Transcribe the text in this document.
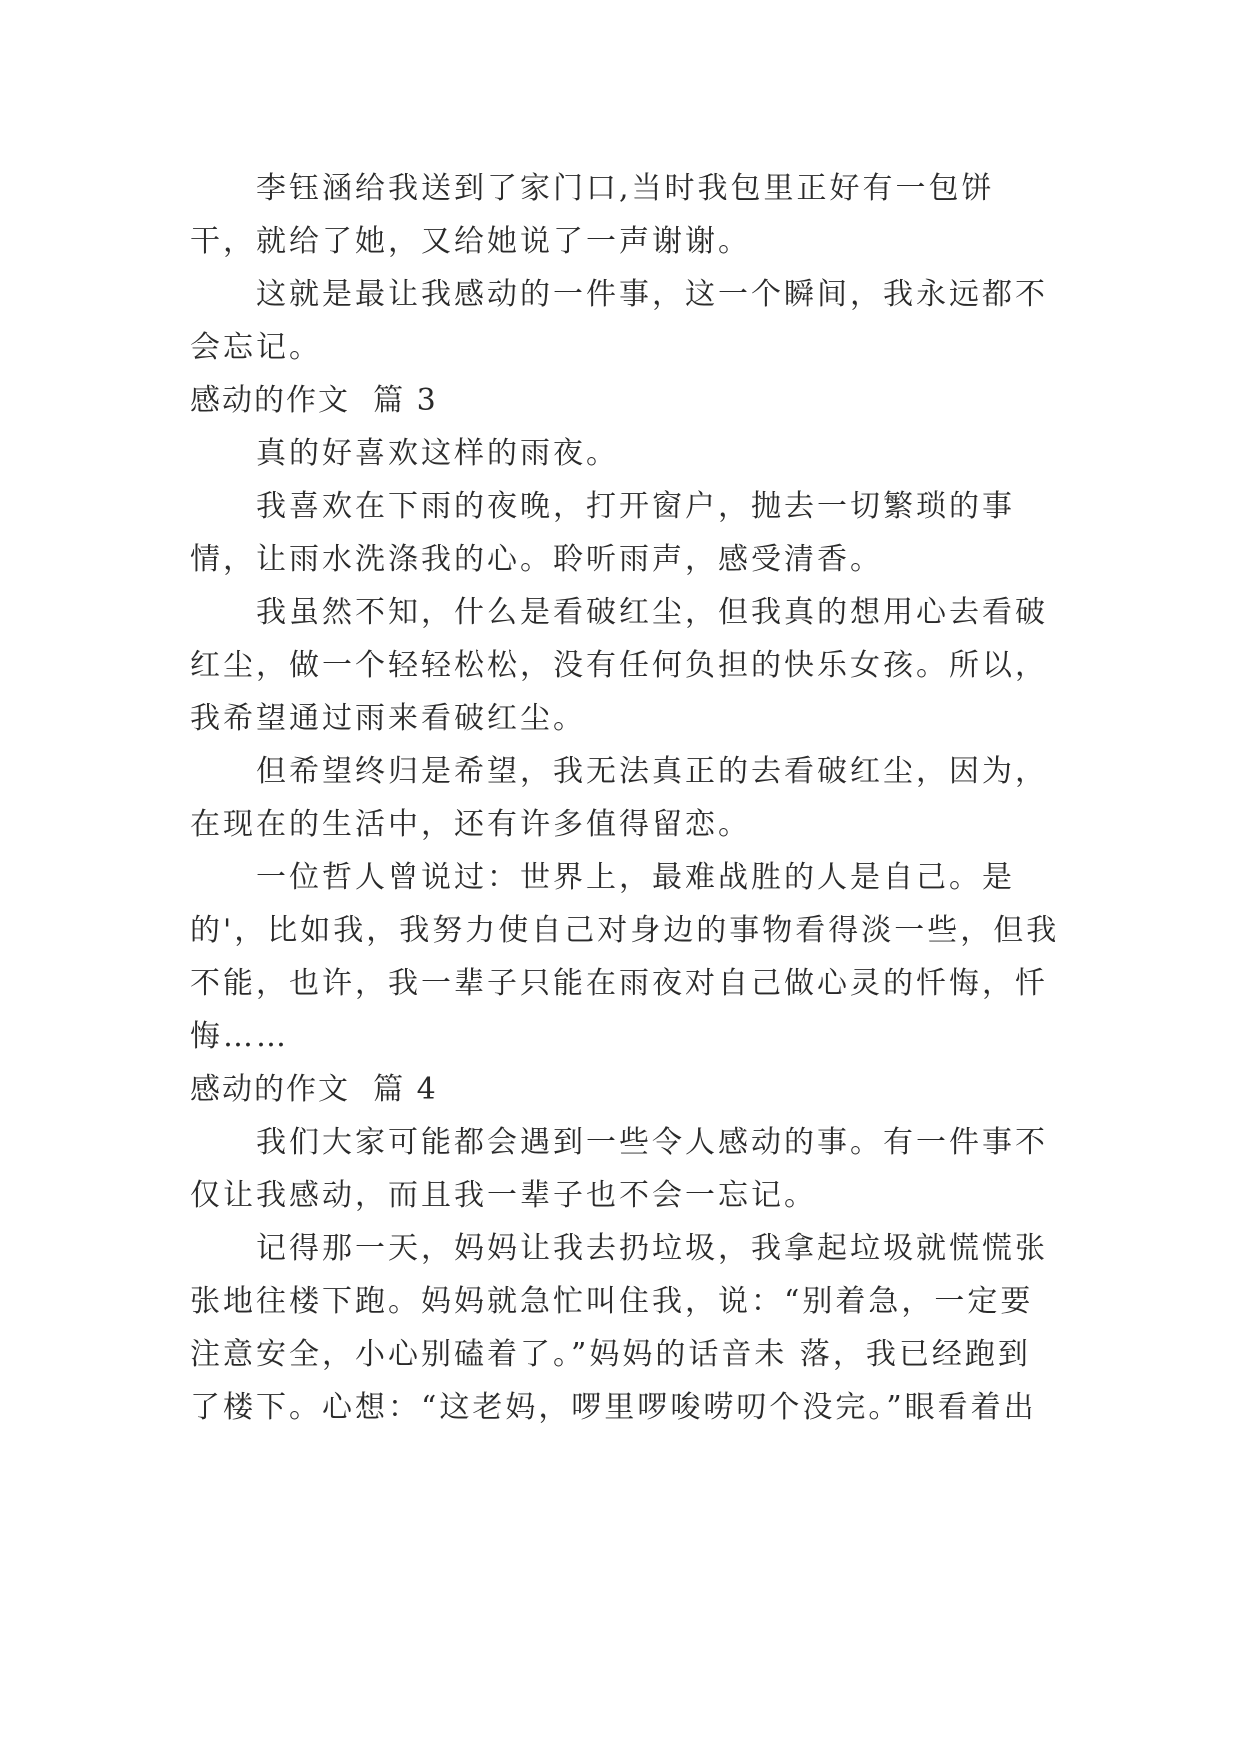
李钰涵给我送到了家门口,当时我包里正好有一包饼干，就给了她，又给她说了一声谢谢。

这就是最让我感动的一件事，这一个瞬间，我永远都不会忘记。

感动的作文  篇 3

真的好喜欢这样的雨夜。

我喜欢在下雨的夜晚，打开窗户，抛去一切繁琐的事情，让雨水洗涤我的心。聆听雨声，感受清香。

我虽然不知，什么是看破红尘，但我真的想用心去看破红尘，做一个轻轻松松，没有任何负担的快乐女孩。所以，我希望通过雨来看破红尘。

但希望终归是希望，我无法真正的去看破红尘，因为，在现在的生活中，还有许多值得留恋。

一位哲人曾说过：世界上，最难战胜的人是自己。是的'，比如我，我努力使自己对身边的事物看得淡一些，但我不能，也许，我一辈子只能在雨夜对自己做心灵的忏悔，忏悔……

感动的作文  篇 4

我们大家可能都会遇到一些令人感动的事。有一件事不仅让我感动，而且我一辈子也不会一忘记。

记得那一天，妈妈让我去扔垃圾，我拿起垃圾就慌慌张张地往楼下跑。妈妈就急忙叫住我，说：“别着急，一定要注意安全，小心别磕着了。”妈妈的话音未 落，我已经跑到了楼下。心想：“这老妈，啰里啰唆唠叨个没完。”眼看着出
